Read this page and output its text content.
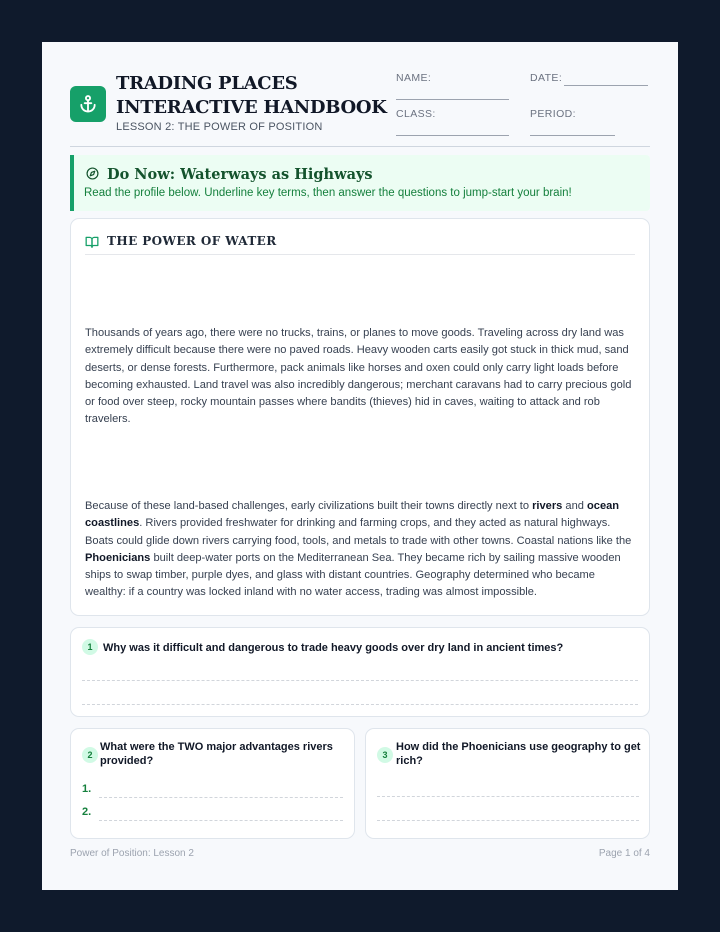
TRADING PLACES INTERACTIVE HANDBOOK
LESSON 2: THE POWER OF POSITION
NAME:	DATE:
CLASS:	PERIOD:
Do Now: Waterways as Highways
Read the profile below. Underline key terms, then answer the questions to jump-start your brain!
THE POWER OF WATER
Thousands of years ago, there were no trucks, trains, or planes to move goods. Traveling across dry land was extremely difficult because there were no paved roads. Heavy wooden carts easily got stuck in thick mud, sand deserts, or dense forests. Furthermore, pack animals like horses and oxen could only carry light loads before becoming exhausted. Land travel was also incredibly dangerous; merchant caravans had to carry precious gold or food over steep, rocky mountain passes where bandits (thieves) hid in caves, waiting to attack and rob travelers.
Because of these land-based challenges, early civilizations built their towns directly next to rivers and ocean coastlines. Rivers provided freshwater for drinking and farming crops, and they acted as natural highways. Boats could glide down rivers carrying food, tools, and metals to trade with other towns. Coastal nations like the Phoenicians built deep-water ports on the Mediterranean Sea. They became rich by sailing massive wooden ships to swap timber, purple dyes, and glass with distant countries. Geography determined who became wealthy: if a country was locked inland with no water access, trading was almost impossible.
1 Why was it difficult and dangerous to trade heavy goods over dry land in ancient times?
2
What were the TWO major advantages rivers provided?
1.
2.
3
How did the Phoenicians use geography to get rich?
Power of Position: Lesson 2	Page 1 of 4
